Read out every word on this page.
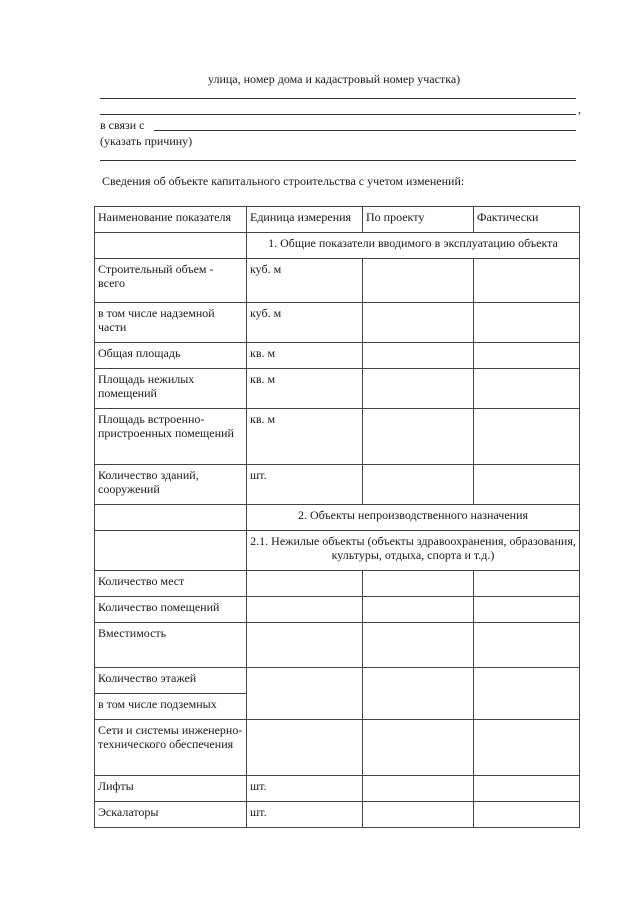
улица, номер дома и кадастровый номер участка)
,
в связи с
(указать причину)
Сведения об объекте капитального строительства с учетом изменений:
Наименование показателя	Единица измерения	По проекту	Фактически
	1. Общие показатели вводимого в эксплуатацию объекта		
Строительный объем - всего	куб. м		
в том числе надземной части	куб. м		
Общая площадь	кв. м		
Площадь нежилых помещений	кв. м		
Площадь встроенно-пристроенных помещений	кв. м		
Количество зданий, сооружений	шт.		
	2. Объекты непроизводственного назначения		
	2.1. Нежилые объекты (объекты здравоохранения, образования, культуры, отдыха, спорта и т.д.)		
Количество мест			
Количество помещений			
Вместимость			
Количество этажей			
в том числе подземных			
Сети и системы инженерно-технического обеспечения			
Лифты	шт.		
Эскалаторы	шт.		
